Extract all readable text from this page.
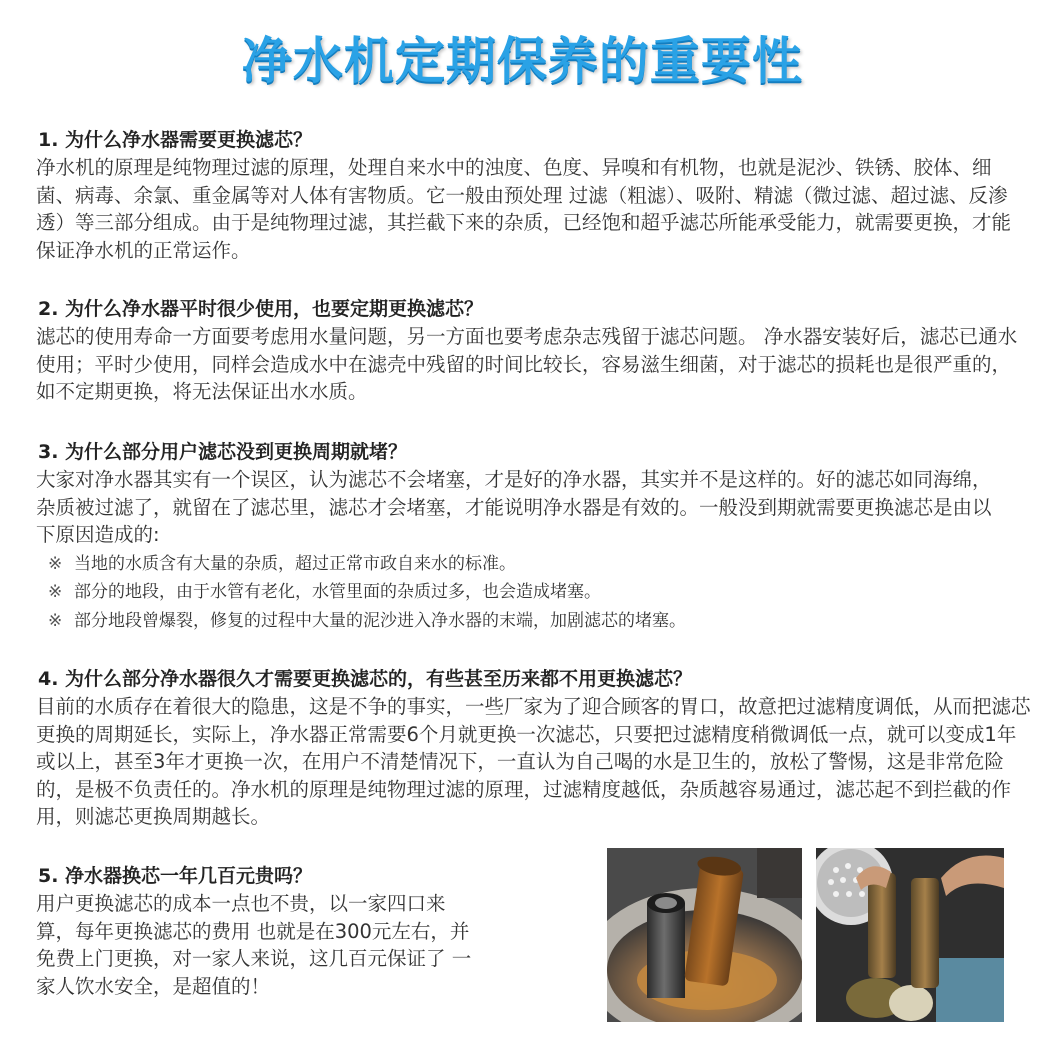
净水机定期保养的重要性
1. 为什么净水器需要更换滤芯？

净水机的原理是纯物理过滤的原理，处理自来水中的浊度、色度、异嗅和有机物，也就是泥沙、铁锈、胶体、细菌、病毒、余氯、重金属等对人体有害物质。它一般由预处理 过滤（粗滤）、吸附、精滤（微过滤、超过滤、反渗透）等三部分组成。由于是纯物理过滤，其拦截下来的杂质，已经饱和超乎滤芯所能承受能力，就需要更换，才能保证净水机的正常运作。

2. 为什么净水器平时很少使用，也要定期更换滤芯？

滤芯的使用寿命一方面要考虑用水量问题，另一方面也要考虑杂志残留于滤芯问题。 净水器安装好后，滤芯已通水使用；平时少使用，同样会造成水中在滤壳中残留的时间比较长，容易滋生细菌，对于滤芯的损耗也是很严重的，如不定期更换，将无法保证出水水质。

3. 为什么部分用户滤芯没到更换周期就堵？

大家对净水器其实有一个误区，认为滤芯不会堵塞，才是好的净水器，其实并不是这样的。好的滤芯如同海绵，杂质被过滤了，就留在了滤芯里，滤芯才会堵塞，才能说明净水器是有效的。一般没到期就需要更换滤芯是由以下原因造成的:

※ 当地的水质含有大量的杂质，超过正常市政自来水的标准。
※ 部分的地段，由于水管有老化，水管里面的杂质过多，也会造成堵塞。
※ 部分地段曾爆裂，修复的过程中大量的泥沙进入净水器的末端，加剧滤芯的堵塞。
4. 为什么部分净水器很久才需要更换滤芯的，有些甚至历来都不用更换滤芯？

目前的水质存在着很大的隐患，这是不争的事实，一些厂家为了迎合顾客的胃口，故意把过滤精度调低，从而把滤芯更换的周期延长，实际上，净水器正常需要6个月就更换一次滤芯，只要把过滤精度稍微调低一点，就可以变成1年或以上，甚至3年才更换一次，在用户不清楚情况下，一直认为自己喝的水是卫生的，放松了警惕，这是非常危险的，是极不负责任的。净水机的原理是纯物理过滤的原理，过滤精度越低，杂质越容易通过，滤芯起不到拦截的作用，则滤芯更换周期越长。

5. 净水器换芯一年几百元贵吗？

用户更换滤芯的成本一点也不贵，以一家四口来算，每年更换滤芯的费用 也就是在300元左右，并免费上门更换，对一家人来说，这几百元保证了 一家人饮水安全，是超值的！
